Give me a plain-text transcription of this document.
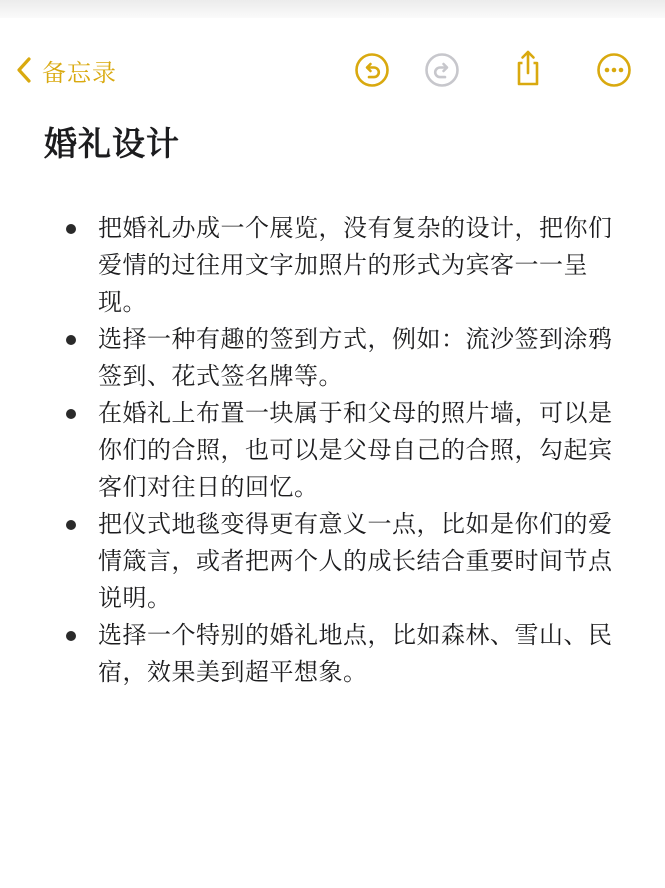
备忘录
婚礼设计
把婚礼办成一个展览，没有复杂的设计，把你们爱情的过往用文字加照片的形式为宾客一一呈现。
选择一种有趣的签到方式，例如：流沙签到涂鸦签到、花式签名牌等。
在婚礼上布置一块属于和父母的照片墙，可以是你们的合照，也可以是父母自己的合照，勾起宾客们对往日的回忆。
把仪式地毯变得更有意义一点，比如是你们的爱情箴言，或者把两个人的成长结合重要时间节点说明。
选择一个特别的婚礼地点，比如森林、雪山、民宿，效果美到超平想象。
